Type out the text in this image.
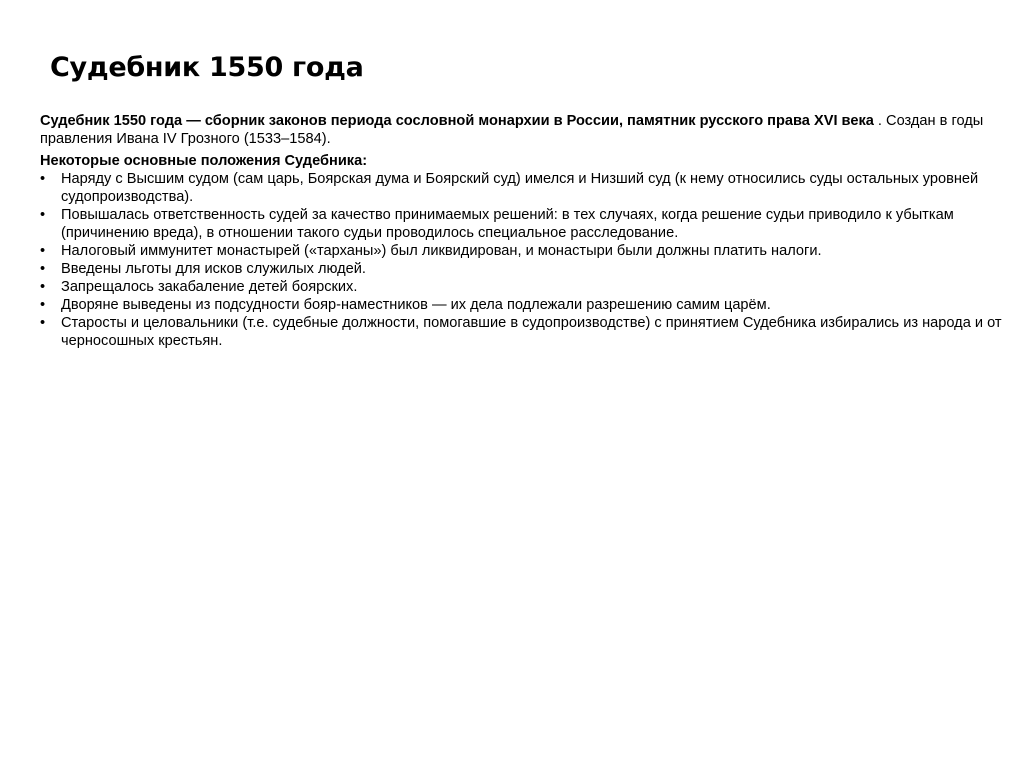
Судебник 1550 года

Судебник 1550 года — сборник законов периода сословной монархии в России, памятник русского права XVI века . Создан в годы правления Ивана IV Грозного (1533–1584).

Некоторые основные положения Судебника:

• Наряду с Высшим судом (сам царь, Боярская дума и Боярский суд) имелся и Низший суд (к нему относились суды остальных уровней судопроизводства).
• Повышалась ответственность судей за качество принимаемых решений: в тех случаях, когда решение судьи приводило к убыткам (причинению вреда), в отношении такого судьи проводилось специальное расследование.
• Налоговый иммунитет монастырей («тарханы») был ликвидирован, и монастыри были должны платить налоги.
• Введены льготы для исков служилых людей.
• Запрещалось закабаление детей боярских.
• Дворяне выведены из подсудности бояр-наместников — их дела подлежали разрешению самим царём.
• Старосты и целовальники (т.е. судебные должности, помогавшие в судопроизводстве) с принятием Судебника избирались из народа и от черносошных крестьян.
